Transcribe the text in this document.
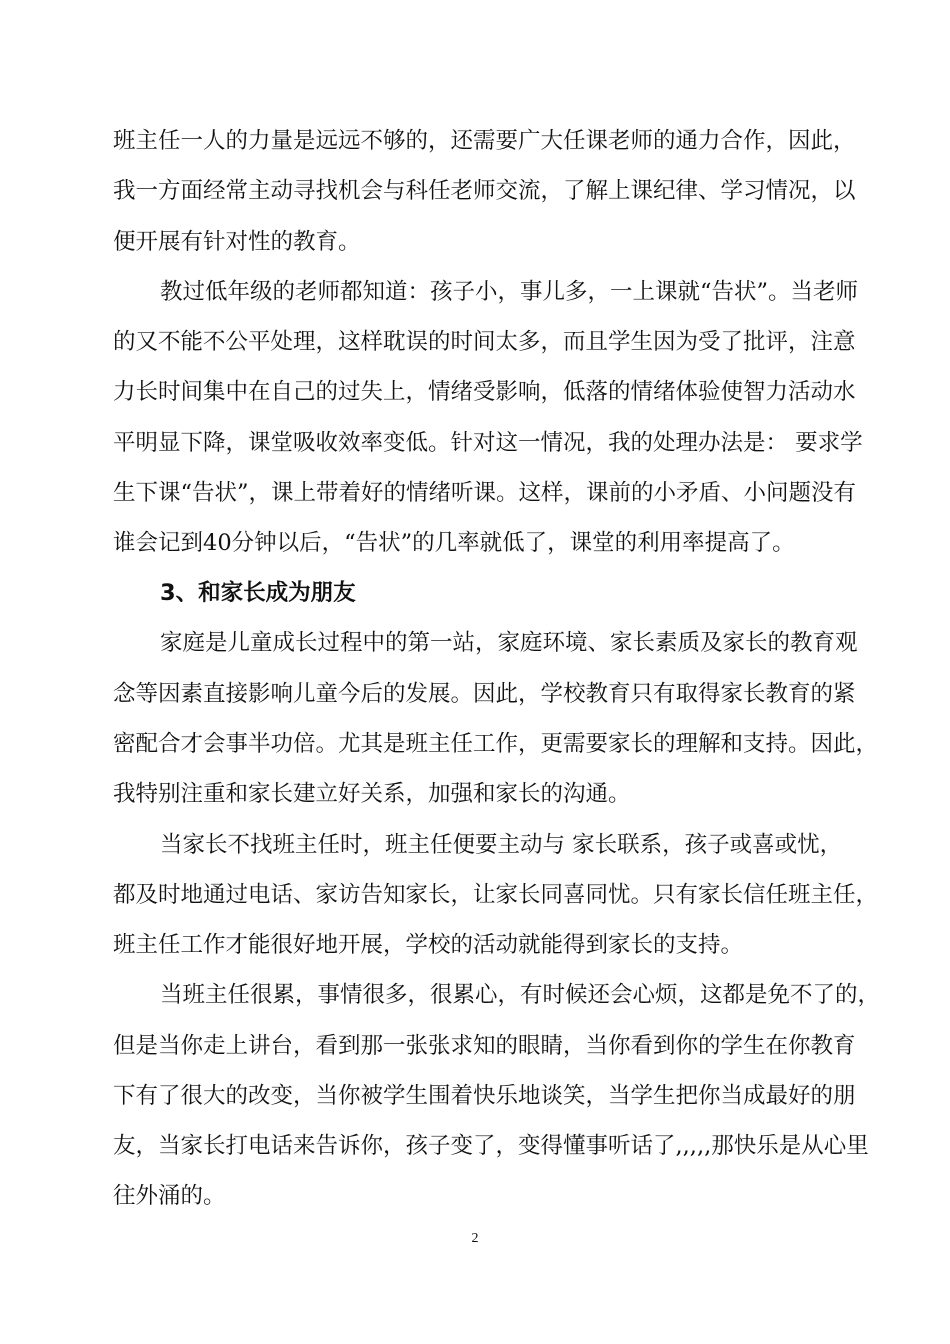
班主任一人的力量是远远不够的，还需要广大任课老师的通力合作，因此，
我一方面经常主动寻找机会与科任老师交流，了解上课纪律、学习情况，以
便开展有针对性的教育。
教过低年级的老师都知道：孩子小，事儿多，一上课就“告状”。当老师
的又不能不公平处理，这样耽误的时间太多，而且学生因为受了批评，注意
力长时间集中在自己的过失上，情绪受影响，低落的情绪体验使智力活动水
平明显下降，课堂吸收效率变低。针对这一情况，我的处理办法是： 要求学
生下课“告状”，课上带着好的情绪听课。这样，课前的小矛盾、小问题没有
谁会记到40分钟以后，“告状”的几率就低了，课堂的利用率提高了。
3、和家长成为朋友
家庭是儿童成长过程中的第一站，家庭环境、家长素质及家长的教育观
念等因素直接影响儿童今后的发展。因此，学校教育只有取得家长教育的紧
密配合才会事半功倍。尤其是班主任工作，更需要家长的理解和支持。因此，
我特别注重和家长建立好关系，加强和家长的沟通。
当家长不找班主任时，班主任便要主动与 家长联系，孩子或喜或忧，
都及时地通过电话、家访告知家长，让家长同喜同忧。只有家长信任班主任，
班主任工作才能很好地开展，学校的活动就能得到家长的支持。
当班主任很累，事情很多，很累心，有时候还会心烦，这都是免不了的，
但是当你走上讲台，看到那一张张求知的眼睛，当你看到你的学生在你教育
下有了很大的改变，当你被学生围着快乐地谈笑，当学生把你当成最好的朋
友，当家长打电话来告诉你，孩子变了，变得懂事听话了,,,,,那快乐是从心里
往外涌的。
2
